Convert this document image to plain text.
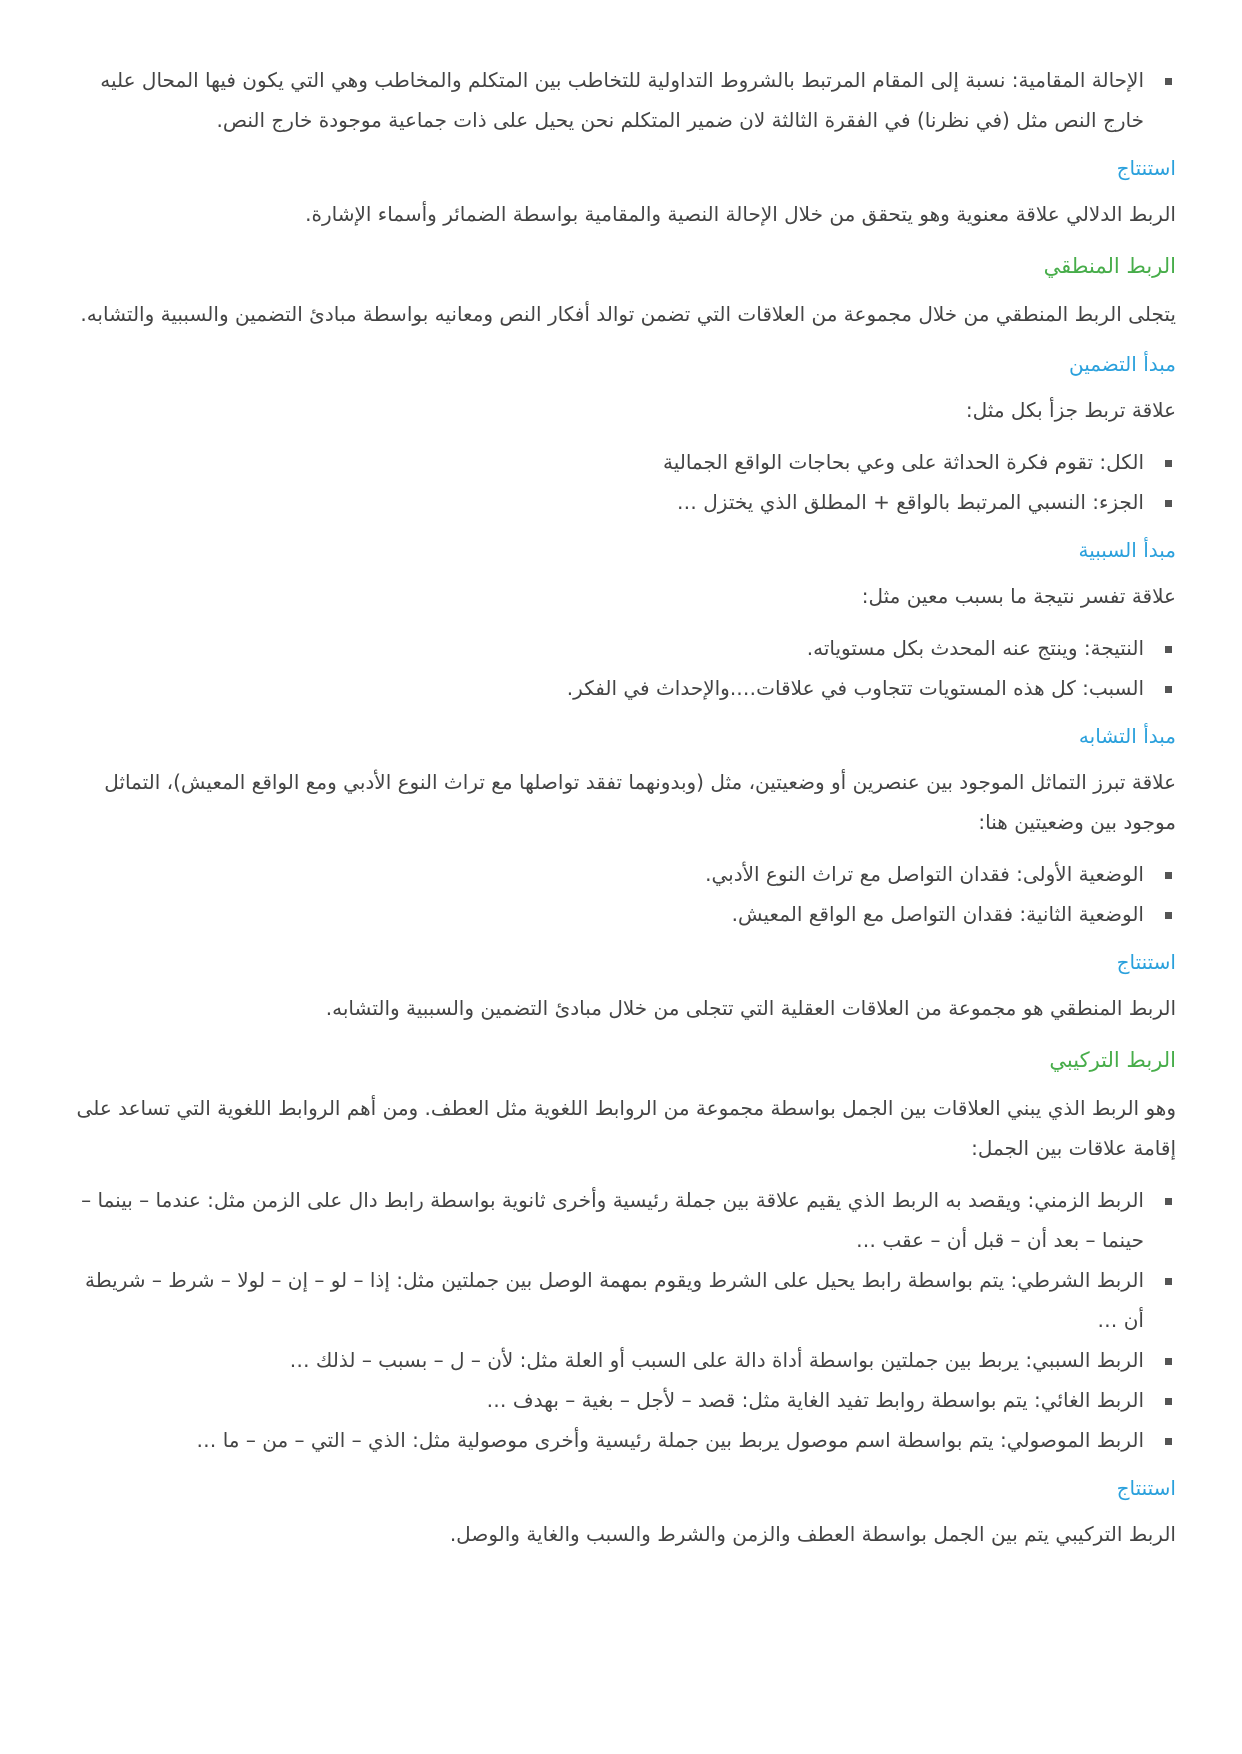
الإحالة المقامية: نسبة إلى المقام المرتبط بالشروط التداولية للتخاطب بين المتكلم والمخاطب وهي التي يكون فيها المحال عليه خارج النص مثل (في نظرنا) في الفقرة الثالثة لان ضمير المتكلم نحن يحيل على ذات جماعية موجودة خارج النص.
استنتاج

الربط الدلالي علاقة معنوية وهو يتحقق من خلال الإحالة النصية والمقامية بواسطة الضمائر وأسماء الإشارة.

الربط المنطقي

يتجلى الربط المنطقي من خلال مجموعة من العلاقات التي تضمن توالد أفكار النص ومعانيه بواسطة مبادئ التضمين والسببية والتشابه.

مبدأ التضمين

علاقة تربط جزأ بكل مثل:

الكل: تقوم فكرة الحداثة على وعي بحاجات الواقع الجمالية
الجزء: النسبي المرتبط بالواقع + المطلق الذي يختزل …
مبدأ السببية

علاقة تفسر نتيجة ما بسبب معين مثل:

النتيجة: وينتج عنه المحدث بكل مستوياته.
السبب: كل هذه المستويات تتجاوب في علاقات….والإحداث في الفكر.
مبدأ التشابه

علاقة تبرز التماثل الموجود بين عنصرين أو وضعيتين، مثل (وبدونهما تفقد تواصلها مع تراث النوع الأدبي ومع الواقع المعيش)، التماثل موجود بين وضعيتين هنا:

الوضعية الأولى: فقدان التواصل مع تراث النوع الأدبي.
الوضعية الثانية: فقدان التواصل مع الواقع المعيش.
استنتاج

الربط المنطقي هو مجموعة من العلاقات العقلية التي تتجلى من خلال مبادئ التضمين والسببية والتشابه.

الربط التركيبي

وهو الربط الذي يبني العلاقات بين الجمل بواسطة مجموعة من الروابط اللغوية مثل العطف. ومن أهم الروابط اللغوية التي تساعد على إقامة علاقات بين الجمل:

الربط الزمني: ويقصد به الربط الذي يقيم علاقة بين جملة رئيسية وأخرى ثانوية بواسطة رابط دال على الزمن مثل: عندما – بينما – حينما – بعد أن – قبل أن – عقب …
الربط الشرطي: يتم بواسطة رابط يحيل على الشرط ويقوم بمهمة الوصل بين جملتين مثل: إذا – لو – إن – لولا – شرط – شريطة أن …
الربط السببي: يربط بين جملتين بواسطة أداة دالة على السبب أو العلة مثل: لأن – ل – بسبب – لذلك …
الربط الغائي: يتم بواسطة روابط تفيد الغاية مثل: قصد – لأجل – بغية – بهدف …
الربط الموصولي: يتم بواسطة اسم موصول يربط بين جملة رئيسية وأخرى موصولية مثل: الذي – التي – من – ما …
استنتاج

الربط التركيبي يتم بين الجمل بواسطة العطف والزمن والشرط والسبب والغاية والوصل.
